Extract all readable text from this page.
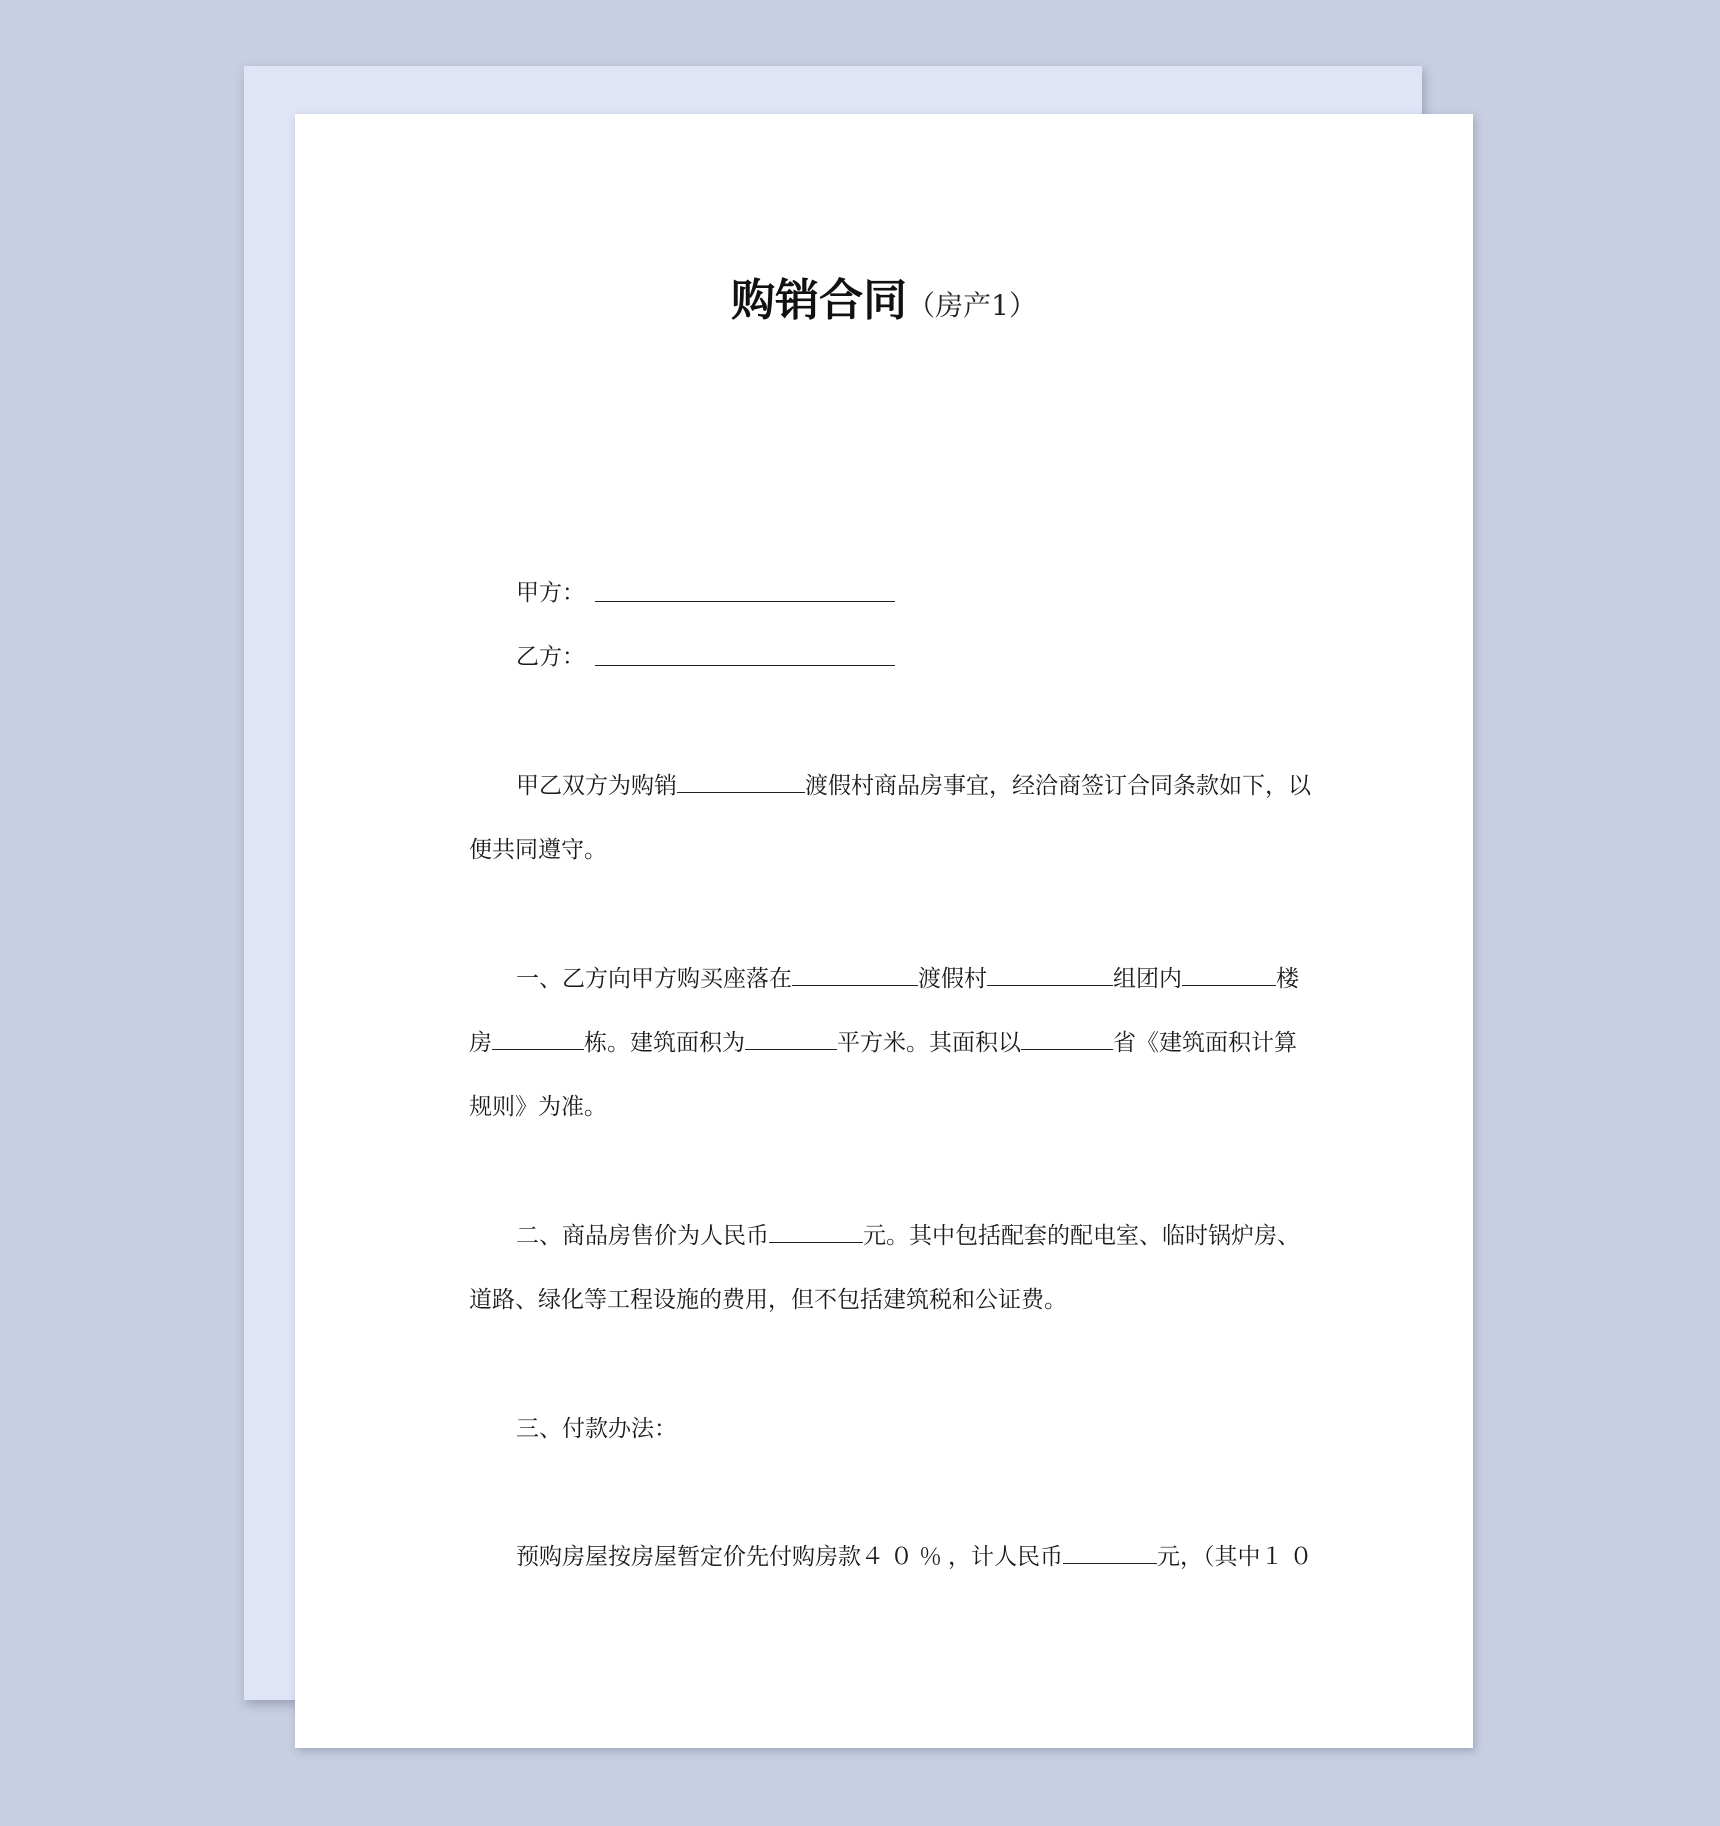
购销合同（房产1）
甲方：
乙方：
甲乙双方为购销	渡假村商品房事宜，经洽商签订合同条款如下，以
便共同遵守。
一、乙方向甲方购买座落在	渡假村	组团内	楼
房	栋。建筑面积为	平方米。其面积以	省《建筑面积计算
规则》为准。
二、商品房售价为人民币	元。其中包括配套的配电室、临时锅炉房、
道路、绿化等工程设施的费用，但不包括建筑税和公证费。
三、付款办法：
预购房屋按房屋暂定价先付购房款４０％，计人民币	元，（其中１０
